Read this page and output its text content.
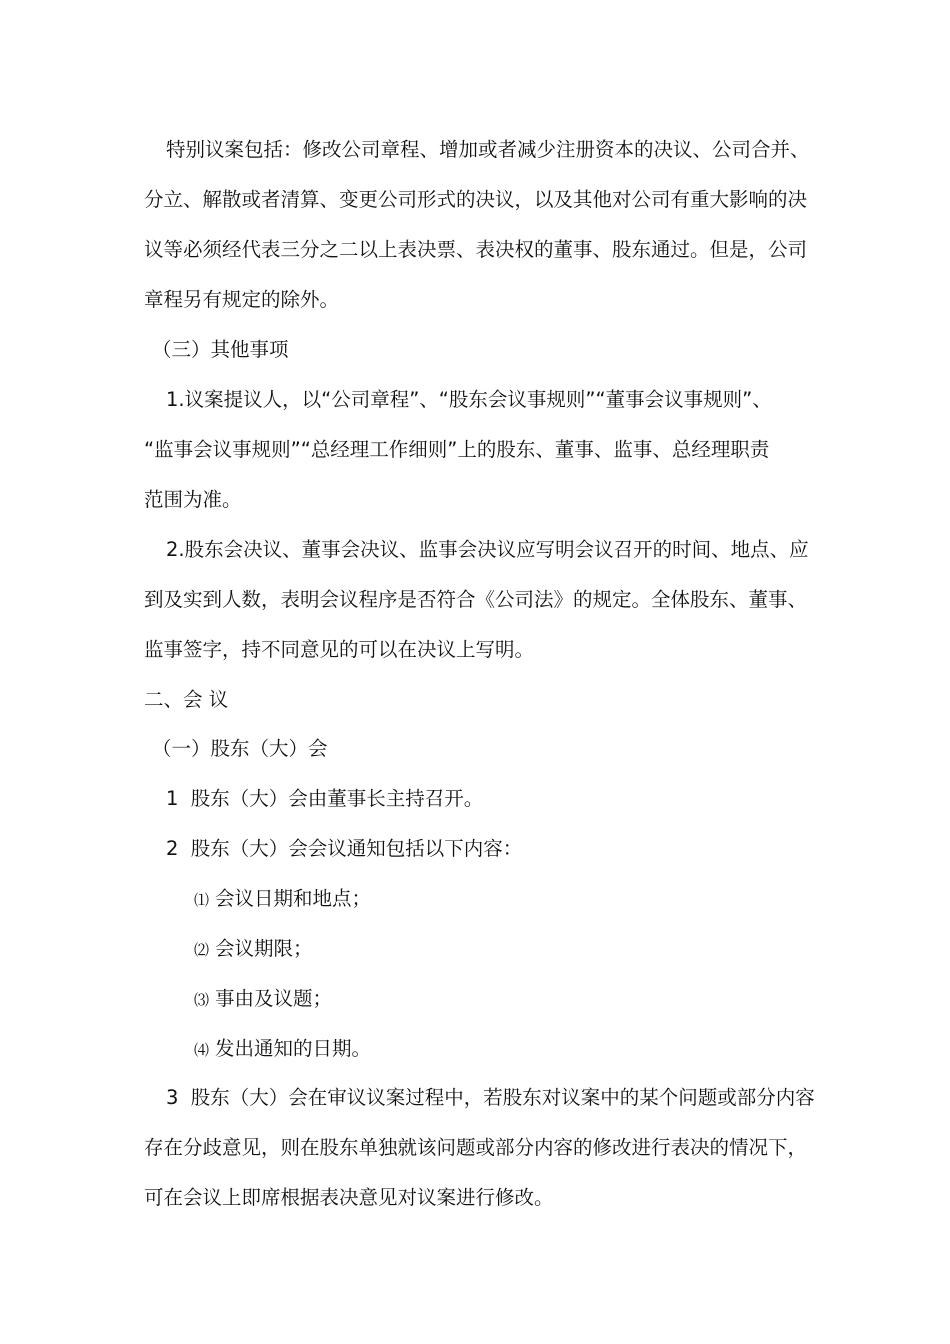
特别议案包括：修改公司章程、增加或者减少注册资本的决议、公司合并、
分立、解散或者清算、变更公司形式的决议，以及其他对公司有重大影响的决
议等必须经代表三分之二以上表决票、表决权的董事、股东通过。但是，公司
章程另有规定的除外。
（三）其他事项
1.议案提议人，以“公司章程”、“股东会议事规则”“董事会议事规则”、
“监事会议事规则”“总经理工作细则”上的股东、董事、监事、总经理职责
范围为准。
2.股东会决议、董事会决议、监事会决议应写明会议召开的时间、地点、应
到及实到人数，表明会议程序是否符合《公司法》的规定。全体股东、董事、
监事签字，持不同意见的可以在决议上写明。
二、会 议
（一）股东（大）会
1  股东（大）会由董事长主持召开。
2  股东（大）会会议通知包括以下内容：
⑴ 会议日期和地点；
⑵ 会议期限；
⑶ 事由及议题；
⑷ 发出通知的日期。
3  股东（大）会在审议议案过程中，若股东对议案中的某个问题或部分内容
存在分歧意见，则在股东单独就该问题或部分内容的修改进行表决的情况下，
可在会议上即席根据表决意见对议案进行修改。
